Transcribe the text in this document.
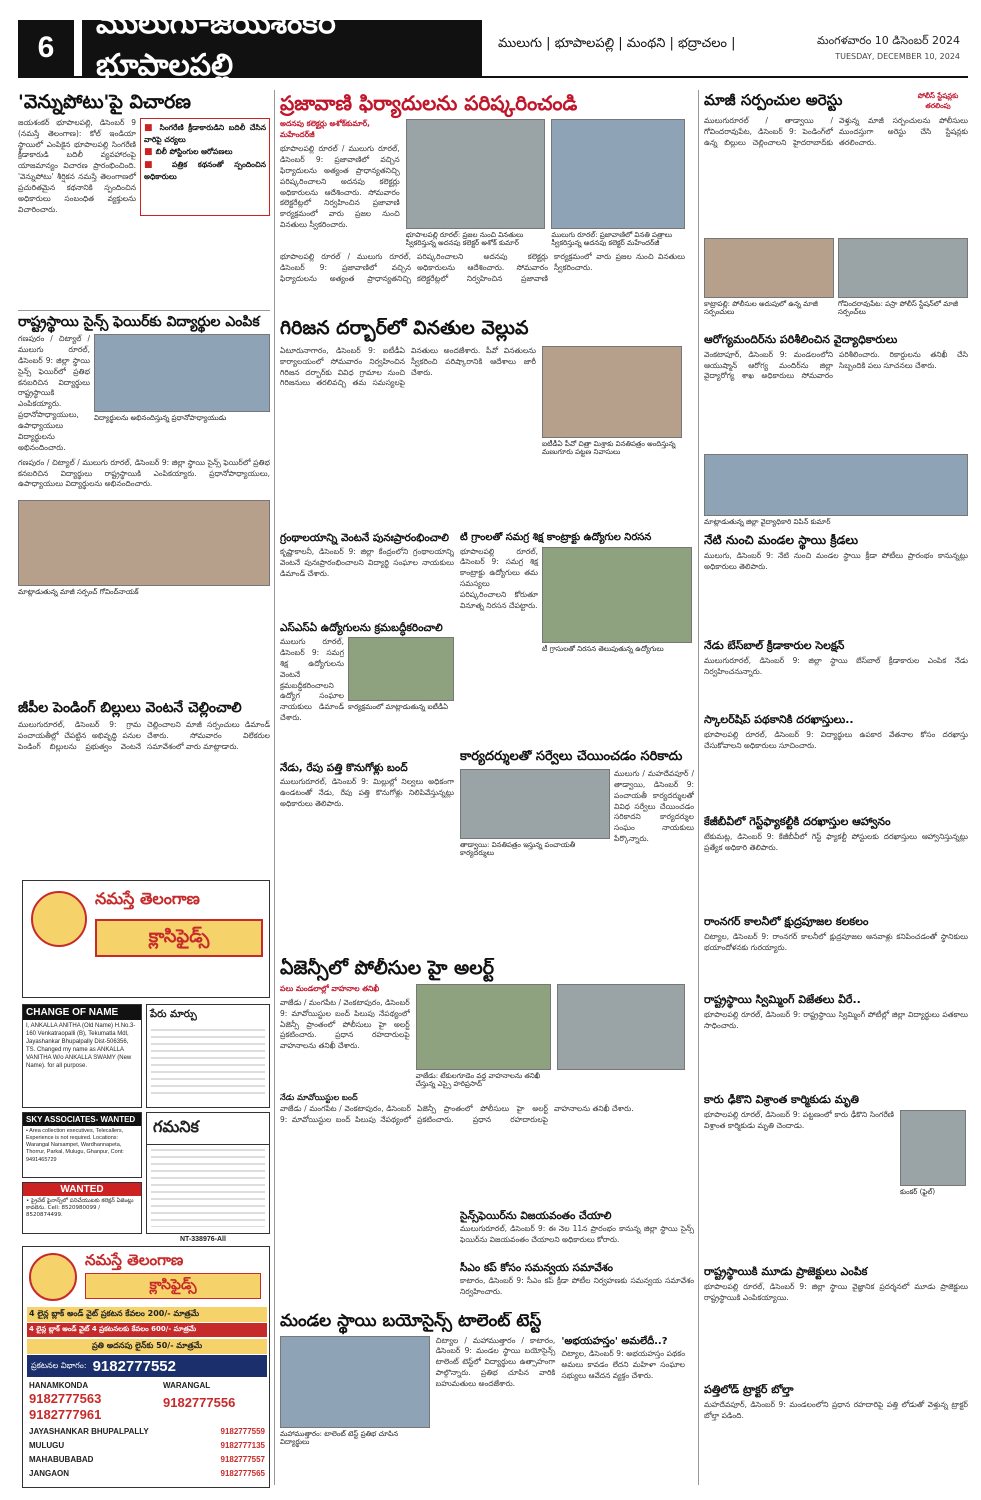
6
ములుగు-జయశంకర్ భూపాలపల్లి
ములుగు | భూపాలపల్లి | మంథని | భద్రాచలం |	మంగళవారం 10 డిసెంబర్ 2024
TUESDAY, DECEMBER 10, 2024
'వెన్నుపోటు'పై విచారణ
జయశంకర్ భూపాలపల్లి, డిసెంబర్ 9 (నమస్తే తెలంగాణ): కోల్ ఇండియా స్థాయిలో ఎంపికైన భూపాలపల్లి సింగరేణి క్రీడాకారుడి బదిలీ వ్యవహారంపై యాజమాన్యం విచారణ ప్రారంభించింది. 'వెన్నుపోటు' శీర్షికన నమస్తే తెలంగాణలో ప్రచురితమైన కథనానికి స్పందించిన అధికారులు సంబంధిత వ్యక్తులను విచారించారు.
■ సింగరేణి క్రీడాకారుడిని బదిలీ చేసిన వారిపై చర్యలు
■ బిలీ పోస్టింగుల ఆరోపణలు
■ పత్రిక కథనంతో స్పందించిన అధికారులు
రాష్ట్రస్థాయి సైన్స్ ఫెయిర్‌కు విద్యార్థుల ఎంపిక
గణపురం / చిట్యాల్ / ములుగు రూరల్, డిసెంబర్ 9: జిల్లా స్థాయి సైన్స్ ఫెయిర్‌లో ప్రతిభ కనబరిచిన విద్యార్థులు రాష్ట్రస్థాయికి ఎంపికయ్యారు. ప్రధానోపాధ్యాయులు, ఉపాధ్యాయులు విద్యార్థులను అభినందించారు.
విద్యార్థులను అభినందిస్తున్న ప్రధానోపాధ్యాయుడు
గణపురం / చిట్యాల్ / ములుగు రూరల్, డిసెంబర్ 9: జిల్లా స్థాయి సైన్స్ ఫెయిర్‌లో ప్రతిభ కనబరిచిన విద్యార్థులు రాష్ట్రస్థాయికి ఎంపికయ్యారు. ప్రధానోపాధ్యాయులు, ఉపాధ్యాయులు విద్యార్థులను అభినందించారు.
మాట్లాడుతున్న మాజీ సర్పంచ్ గోవింద్‌నాయక్
జీపీల పెండింగ్ బిల్లులు వెంటనే చెల్లించాలి
ములుగురూరల్, డిసెంబర్ 9: గ్రామ పంచాయతీల్లో చేపట్టిన అభివృద్ధి పనుల పెండింగ్ బిల్లులను ప్రభుత్వం వెంటనే చెల్లించాలని మాజీ సర్పంచులు డిమాండ్ చేశారు. సోమవారం విలేకరుల సమావేశంలో వారు మాట్లాడారు.
నమస్తే తెలంగాణ
క్లాసిఫైడ్స్
CHANGE OF NAME
I, ANKALLA ANITHA (Old Name) H.No.3-160 Venkatraopalli (B), Tekumatla Mdl, Jayashankar Bhupalpally Dist-506356, TS. Changed my name as ANKALLA VANITHA W/o ANKALLA SWAMY (New Name). for all purpose.
పేరు మార్పు
SKY ASSOCIATES- WANTED
• Area collection executives, Telecallers, Experience is not required. Locations: Warangal Narsampet, Wardhannapeta, Thorrur, Parkal, Mulugu, Ghanpur, Cont: 9491465729
గమనిక
WANTED
• ప్రైవేట్ ఫైనాన్స్‌లో పనిచేయుటకు కలెక్షన్ ఏజెంట్లు కావలెను. Cell: 8520980099 / 8520874499.
NT-338976-All
నమస్తే తెలంగాణ
క్లాసిఫైడ్స్
4 లైన్ల బ్లాక్ అండ్ వైట్ ప్రకటన కేవలం 200/- మాత్రమే
4 లైన్ల బ్లాక్ అండ్ వైట్ 4 ప్రకటనలకు కేవలం 600/- మాత్రమే
ప్రతి అదనపు లైన్‌కు 50/- మాత్రమే
ప్రకటనల విభాగం: 9182777552
HANAMKONDA
9182777563
9182777961
WARANGAL
9182777556
JAYASHANKAR BHUPALPALLY	9182777559
MULUGU	9182777135
MAHABUBABAD	9182777557
JANGAON	9182777565
ప్రజావాణి ఫిర్యాదులను పరిష్కరించండి
అదనపు కలెక్టర్లు అశోక్‌కుమార్, మహేందర్‌జీ
భూపాలపల్లి రూరల్ / ములుగు రూరల్, డిసెంబర్ 9: ప్రజావాణిలో వచ్చిన ఫిర్యాదులను అత్యంత ప్రాధాన్యతనిచ్చి పరిష్కరించాలని అదనపు కలెక్టర్లు అధికారులను ఆదేశించారు. సోమవారం కలెక్టరేట్లలో నిర్వహించిన ప్రజావాణి కార్యక్రమంలో వారు ప్రజల నుంచి వినతులు స్వీకరించారు.
భూపాలపల్లి రూరల్: ప్రజల నుంచి వినతులు స్వీకరిస్తున్న అదనపు కలెక్టర్ అశోక్ కుమార్
ములుగు రూరల్: ప్రజావాణిలో వినతి పత్రాలు స్వీకరిస్తున్న అదనపు కలెక్టర్ మహేందర్‌జీ
భూపాలపల్లి రూరల్ / ములుగు రూరల్, డిసెంబర్ 9: ప్రజావాణిలో వచ్చిన ఫిర్యాదులను అత్యంత ప్రాధాన్యతనిచ్చి పరిష్కరించాలని అదనపు కలెక్టర్లు అధికారులను ఆదేశించారు. సోమవారం కలెక్టరేట్లలో నిర్వహించిన ప్రజావాణి కార్యక్రమంలో వారు ప్రజల నుంచి వినతులు స్వీకరించారు.
గిరిజన దర్బార్‌లో వినతుల వెల్లువ
ఏటూరునాగారం, డిసెంబర్ 9: ఐటీడీఏ కార్యాలయంలో సోమవారం నిర్వహించిన గిరిజన దర్బార్‌కు వివిధ గ్రామాల నుంచి గిరిజనులు తరలివచ్చి తమ సమస్యలపై వినతులు అందజేశారు. పీవో వినతులను స్వీకరించి పరిష్కారానికి ఆదేశాలు జారీ చేశారు.
ఐటీడీఏ పీవో చిత్రా మిశ్రాకు వినతిపత్రం అందిస్తున్న మణుగూరు పట్టణ నివాసులు
గ్రంథాలయాన్ని వెంటనే పునఃప్రారంభించాలి
కృష్ణాకాలనీ, డిసెంబర్ 9: జిల్లా కేంద్రంలోని గ్రంథాలయాన్ని వెంటనే పునఃప్రారంభించాలని విద్యార్థి సంఘాల నాయకులు డిమాండ్ చేశారు.
ఎస్‌ఎస్ఏ ఉద్యోగులను క్రమబద్ధీకరించాలి
ములుగు రూరల్, డిసెంబర్ 9: సమగ్ర శిక్ష ఉద్యోగులను వెంటనే క్రమబద్ధీకరించాలని ఉద్యోగ సంఘాల నాయకులు డిమాండ్ చేశారు.
కార్యక్రమంలో మాట్లాడుతున్న ఐటీడీఏ
నేడు, రేపు పత్తి కొనుగోళ్లు బంద్
ములుగురూరల్, డిసెంబర్ 9: మిల్లుల్లో నిల్వలు అధికంగా ఉండటంతో నేడు, రేపు పత్తి కొనుగోళ్లు నిలిపివేస్తున్నట్లు అధికారులు తెలిపారు.
టీ గ్రాంలతో సమగ్ర శిక్ష కాంట్రాక్టు ఉద్యోగుల నిరసన
భూపాలపల్లి రూరల్, డిసెంబర్ 9: సమగ్ర శిక్ష కాంట్రాక్టు ఉద్యోగులు తమ సమస్యలు పరిష్కరించాలని కోరుతూ వినూత్న నిరసన చేపట్టారు.
టీ గ్రాసులతో నిరసన తెలుపుతున్న ఉద్యోగులు
కార్యదర్శులతో సర్వేలు చేయించడం సరికాదు
తాడ్వాయి: వినతిపత్రం ఇస్తున్న పంచాయతీ కార్యదర్శులు
ములుగు / మహదేవపూర్ / తాడ్వాయి, డిసెంబర్ 9: పంచాయతీ కార్యదర్శులతో వివిధ సర్వేలు చేయించడం సరికాదని కార్యదర్శుల సంఘం నాయకులు పేర్కొన్నారు.
ఏజెన్సీలో పోలీసుల హై అలర్ట్
పలు మండలాల్లో వాహనాల తనిఖీ
వాజేడు / మంగపేట / వెంకటాపురం, డిసెంబర్ 9: మావోయిస్టుల బంద్ పిలుపు నేపథ్యంలో ఏజెన్సీ ప్రాంతంలో పోలీసులు హై అలర్ట్ ప్రకటించారు. ప్రధాన రహదారులపై వాహనాలను తనిఖీ చేశారు.
వాజేడు: టేకులగూడెం వద్ద వాహనాలను తనిఖీ చేస్తున్న ఎస్సై హరిప్రసాద్
నేడు మావోయిస్టుల బంద్
వాజేడు / మంగపేట / వెంకటాపురం, డిసెంబర్ 9: మావోయిస్టుల బంద్ పిలుపు నేపథ్యంలో ఏజెన్సీ ప్రాంతంలో పోలీసులు హై అలర్ట్ ప్రకటించారు. ప్రధాన రహదారులపై వాహనాలను తనిఖీ చేశారు.
సైన్స్‌ఫెయిర్‌ను విజయవంతం చేయాలి
ములుగురూరల్, డిసెంబర్ 9: ఈ నెల 11న ప్రారంభం కానున్న జిల్లా స్థాయి సైన్స్ ఫెయిర్‌ను విజయవంతం చేయాలని అధికారులు కోరారు.
సీఎం కప్ కోసం సమన్వయ సమావేశం
కాటారం, డిసెంబర్ 9: సీఎం కప్ క్రీడా పోటీల నిర్వహణకు సమన్వయ సమావేశం నిర్వహించారు.
మండల స్థాయి బయోసైన్స్ టాలెంట్ టెస్ట్
మహాముత్తారం: టాలెంట్ టెస్ట్ ప్రతిభ చూపిన విద్యార్థులు
చిట్యాల / మహాముత్తారం / కాటారం, డిసెంబర్ 9: మండల స్థాయి బయోసైన్స్ టాలెంట్ టెస్ట్‌లో విద్యార్థులు ఉత్సాహంగా పాల్గొన్నారు. ప్రతిభ చూపిన వారికి బహుమతులు అందజేశారు.
'అభయహస్తం' అమలేదీ..?
చిట్యాల, డిసెంబర్ 9: అభయహస్తం పథకం అమలు కావడం లేదని మహిళా సంఘాల సభ్యులు ఆవేదన వ్యక్తం చేశారు.
మాజీ సర్పంచుల అరెస్టు	పోలీస్ స్టేషన్లకు తరలింపు
ములుగురూరల్ / తాడ్వాయి / గోవిందరావుపేట, డిసెంబర్ 9: పెండింగ్‌లో ఉన్న బిల్లులు చెల్లించాలని హైదరాబాద్‌కు వెళ్తున్న మాజీ సర్పంచులను పోలీసులు ముందస్తుగా అరెస్టు చేసి స్టేషన్లకు తరలించారు.
కాట్రాపల్లి: పోలీసుల అదుపులో ఉన్న మాజీ సర్పంచులు
గోవిందరావుపేట: పస్రా పోలీస్ స్టేషన్‌లో మాజీ సర్పంచ్‌లు
ఆరోగ్యమందిర్‌ను పరిశీలించిన వైద్యాధికారులు
వెంకటాపూర్, డిసెంబర్ 9: మండలంలోని ఆయుష్మాన్ ఆరోగ్య మందిర్‌ను జిల్లా వైద్యారోగ్య శాఖ అధికారులు సోమవారం పరిశీలించారు. రికార్డులను తనిఖీ చేసి సిబ్బందికి పలు సూచనలు చేశారు.
మాట్లాడుతున్న జిల్లా వైద్యాధికారి విపిన్ కుమార్
నేటి నుంచి మండల స్థాయి క్రీడలు
ములుగు, డిసెంబర్ 9: నేటి నుంచి మండల స్థాయి క్రీడా పోటీలు ప్రారంభం కానున్నట్లు అధికారులు తెలిపారు.
నేడు బేస్‌బాల్ క్రీడాకారుల సెలక్షన్
ములుగురూరల్, డిసెంబర్ 9: జిల్లా స్థాయి బేస్‌బాల్ క్రీడాకారుల ఎంపిక నేడు నిర్వహించనున్నారు.
స్కాలర్‌షిప్ పథకానికి దరఖాస్తులు..
భూపాలపల్లి రూరల్, డిసెంబర్ 9: విద్యార్థులు ఉపకార వేతనాల కోసం దరఖాస్తు చేసుకోవాలని అధికారులు సూచించారు.
కేజీబీవీలో గెస్ట్‌ఫ్యాకల్టీకి దరఖాస్తుల ఆహ్వానం
టేకుమట్ల, డిసెంబర్ 9: కేజీబీవీలో గెస్ట్ ఫ్యాకల్టీ పోస్టులకు దరఖాస్తులు ఆహ్వానిస్తున్నట్లు ప్రత్యేక అధికారి తెలిపారు.
రాంనగర్ కాలనీలో క్షుద్రపూజల కలకలం
చిట్యాల, డిసెంబర్ 9: రాంనగర్ కాలనీలో క్షుద్రపూజల ఆనవాళ్లు కనిపించడంతో స్థానికులు భయాందోళనకు గురయ్యారు.
రాష్ట్రస్థాయి స్విమ్మింగ్ విజేతలు వీరే..
భూపాలపల్లి రూరల్, డిసెంబర్ 9: రాష్ట్రస్థాయి స్విమ్మింగ్ పోటీల్లో జిల్లా విద్యార్థులు పతకాలు సాధించారు.
కారు ఢీకొని విశ్రాంత కార్మికుడు మృతి
భూపాలపల్లి రూరల్, డిసెంబర్ 9: పట్టణంలో కారు ఢీకొని సింగరేణి విశ్రాంత కార్మికుడు మృతి చెందాడు.
కుంకర్ (ఫైల్)
రాష్ట్రస్థాయికి మూడు ప్రాజెక్టులు ఎంపిక
భూపాలపల్లి రూరల్, డిసెంబర్ 9: జిల్లా స్థాయి వైజ్ఞానిక ప్రదర్శనలో మూడు ప్రాజెక్టులు రాష్ట్రస్థాయికి ఎంపికయ్యాయి.
పత్తిలోడ్ ట్రాక్టర్ బోల్తా
మహదేవపూర్, డిసెంబర్ 9: మండలంలోని ప్రధాన రహదారిపై పత్తి లోడుతో వెళ్తున్న ట్రాక్టర్ బోల్తా పడింది.
